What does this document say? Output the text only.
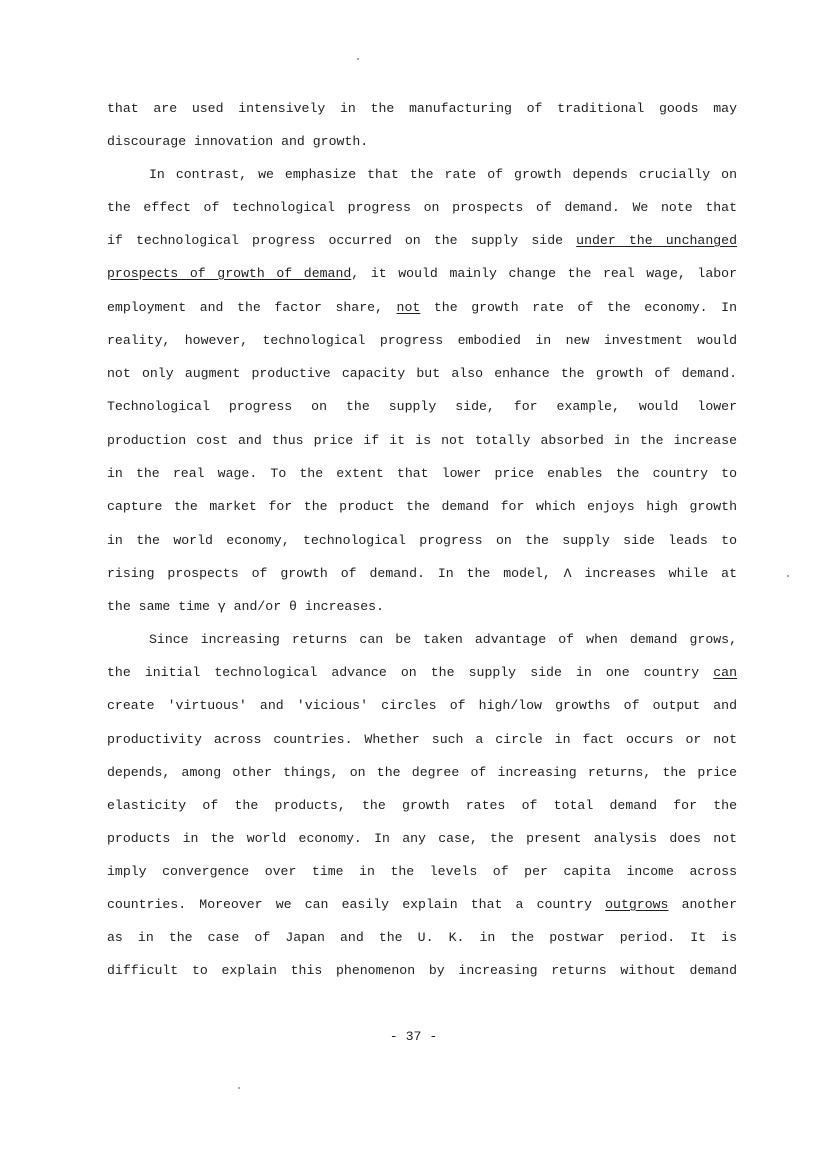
that are used intensively in the manufacturing of traditional goods may
discourage innovation and growth.
In contrast, we emphasize that the rate of growth depends crucially on
the effect of technological progress on prospects of demand. We note that
if technological progress occurred on the supply side under the unchanged
prospects of growth of demand, it would mainly change the real wage, labor
employment and the factor share, not the growth rate of the economy. In
reality, however, technological progress embodied in new investment would
not only augment productive capacity but also enhance the growth of demand.
Technological progress on the supply side, for example, would lower
production cost and thus price if it is not totally absorbed in the increase
in the real wage. To the extent that lower price enables the country to
capture the market for the product the demand for which enjoys high growth
in the world economy, technological progress on the supply side leads to
rising prospects of growth of demand. In the model, Λ increases while at
the same time γ and/or θ increases.
Since increasing returns can be taken advantage of when demand grows,
the initial technological advance on the supply side in one country can
create 'virtuous' and 'vicious' circles of high/low growths of output and
productivity across countries. Whether such a circle in fact occurs or not
depends, among other things, on the degree of increasing returns, the price
elasticity of the products, the growth rates of total demand for the
products in the world economy. In any case, the present analysis does not
imply convergence over time in the levels of per capita income across
countries. Moreover we can easily explain that a country outgrows another
as in the case of Japan and the U. K. in the postwar period. It is
difficult to explain this phenomenon by increasing returns without demand
- 37 -
